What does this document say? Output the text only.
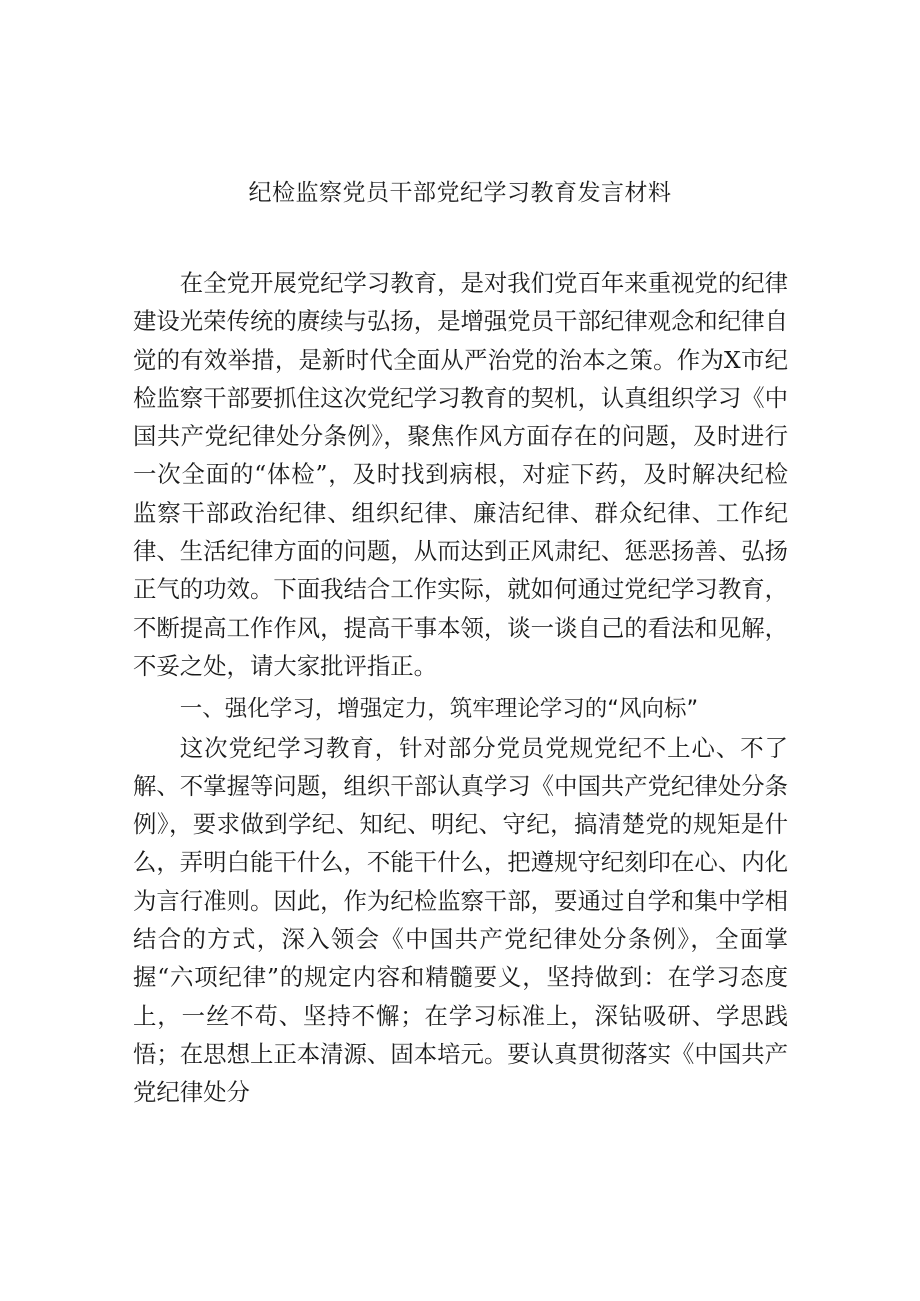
纪检监察党员干部党纪学习教育发言材料

在全党开展党纪学习教育，是对我们党百年来重视党的纪律建设光荣传统的赓续与弘扬，是增强党员干部纪律观念和纪律自觉的有效举措，是新时代全面从严治党的治本之策。作为X市纪检监察干部要抓住这次党纪学习教育的契机，认真组织学习《中国共产党纪律处分条例》，聚焦作风方面存在的问题，及时进行一次全面的“体检”，及时找到病根，对症下药，及时解决纪检监察干部政治纪律、组织纪律、廉洁纪律、群众纪律、工作纪律、生活纪律方面的问题，从而达到正风肃纪、惩恶扬善、弘扬正气的功效。下面我结合工作实际，就如何通过党纪学习教育，不断提高工作作风，提高干事本领，谈一谈自己的看法和见解，不妥之处，请大家批评指正。

一、强化学习，增强定力，筑牢理论学习的“风向标”

这次党纪学习教育，针对部分党员党规党纪不上心、不了解、不掌握等问题，组织干部认真学习《中国共产党纪律处分条例》，要求做到学纪、知纪、明纪、守纪，搞清楚党的规矩是什么，弄明白能干什么，不能干什么，把遵规守纪刻印在心、内化为言行准则。因此，作为纪检监察干部，要通过自学和集中学相结合的方式，深入领会《中国共产党纪律处分条例》，全面掌握“六项纪律”的规定内容和精髓要义，坚持做到：在学习态度上，一丝不苟、坚持不懈；在学习标准上，深钻吸研、学思践悟；在思想上正本清源、固本培元。要认真贯彻落实《中国共产党纪律处分
